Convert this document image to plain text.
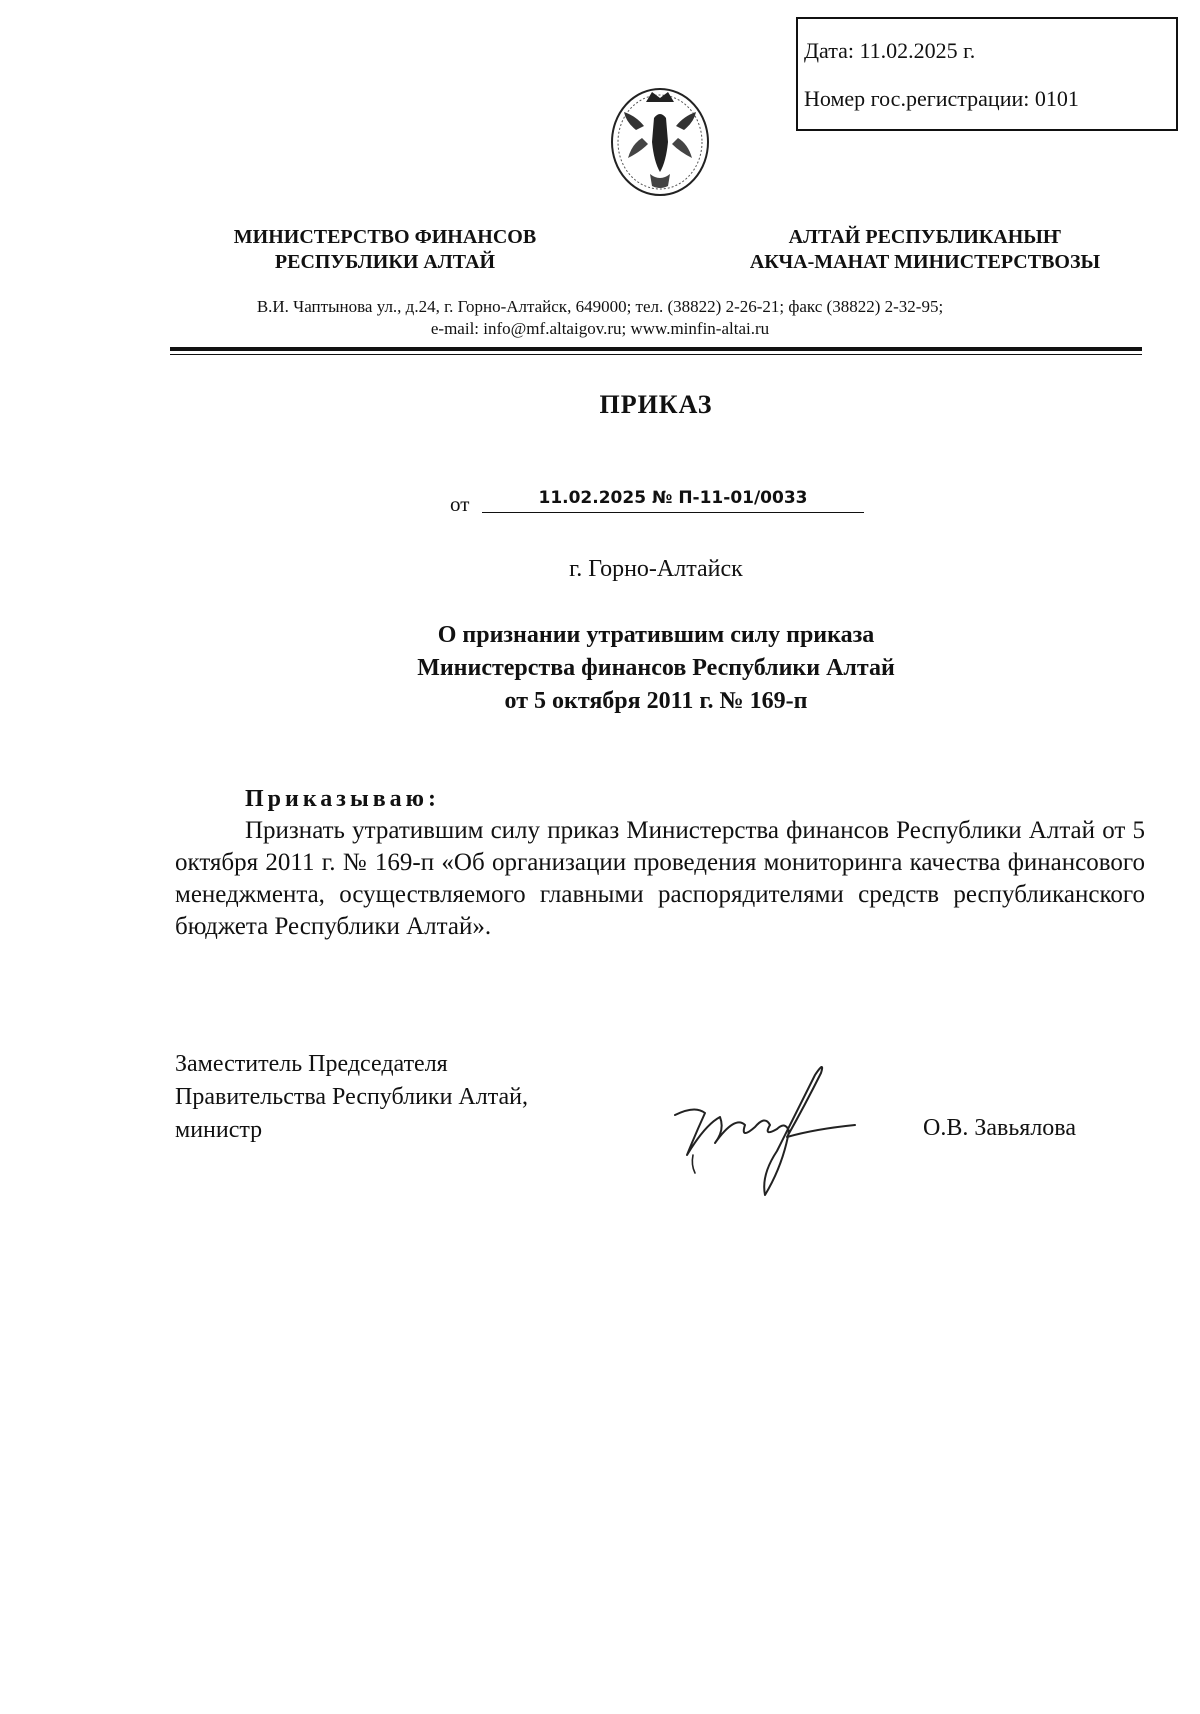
Дата: 11.02.2025 г.
Номер гос.регистрации: 0101
МИНИСТЕРСТВО ФИНАНСОВ
РЕСПУБЛИКИ АЛТАЙ
АЛТАЙ РЕСПУБЛИКАНЫҤ
АКЧА-МАНАТ МИНИСТЕРСТВОЗЫ
В.И. Чаптынова ул., д.24, г. Горно-Алтайск, 649000; тел. (38822) 2-26-21; факс (38822) 2-32-95;
e-mail: info@mf.altaigov.ru; www.minfin-altai.ru
ПРИКАЗ
от	11.02.2025 № П-11-01/0033
г. Горно-Алтайск
О признании утратившим силу приказа
Министерства финансов Республики Алтай
от 5 октября 2011 г. № 169-п
Приказываю:
Признать утратившим силу приказ Министерства финансов Республики Алтай от 5 октября 2011 г. № 169-п «Об организации проведения мониторинга качества финансового менеджмента, осуществляемого главными распорядителями средств республиканского бюджета Республики Алтай».
Заместитель Председателя
Правительства Республики Алтай,
министр	О.В. Завьялова
